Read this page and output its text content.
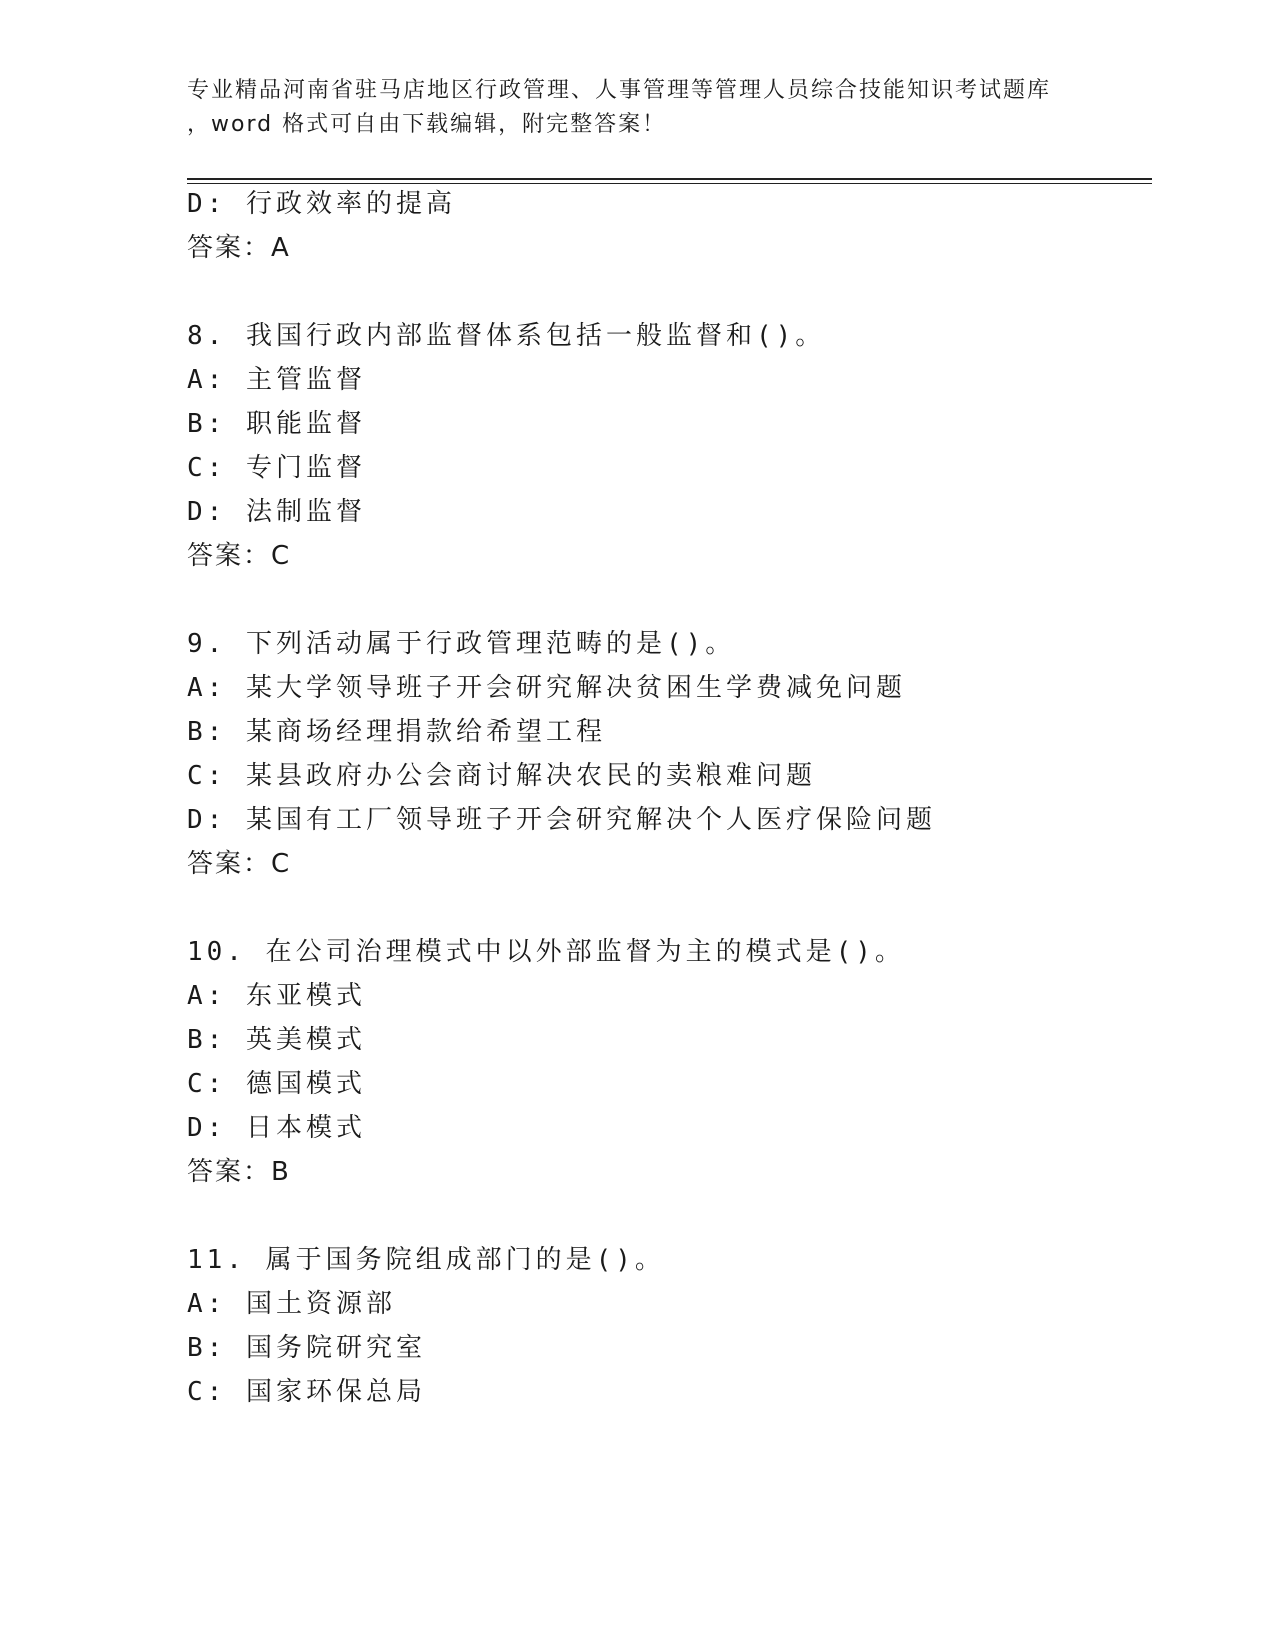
专业精品河南省驻马店地区行政管理、人事管理等管理人员综合技能知识考试题库
，word 格式可自由下载编辑，附完整答案！
D: 行政效率的提高
答案：A
8. 我国行政内部监督体系包括一般监督和()。
A: 主管监督
B: 职能监督
C: 专门监督
D: 法制监督
答案：C
9. 下列活动属于行政管理范畴的是()。
A: 某大学领导班子开会研究解决贫困生学费减免问题
B: 某商场经理捐款给希望工程
C: 某县政府办公会商讨解决农民的卖粮难问题
D: 某国有工厂领导班子开会研究解决个人医疗保险问题
答案：C
10. 在公司治理模式中以外部监督为主的模式是()。
A: 东亚模式
B: 英美模式
C: 德国模式
D: 日本模式
答案：B
11. 属于国务院组成部门的是()。
A: 国土资源部
B: 国务院研究室
C: 国家环保总局
